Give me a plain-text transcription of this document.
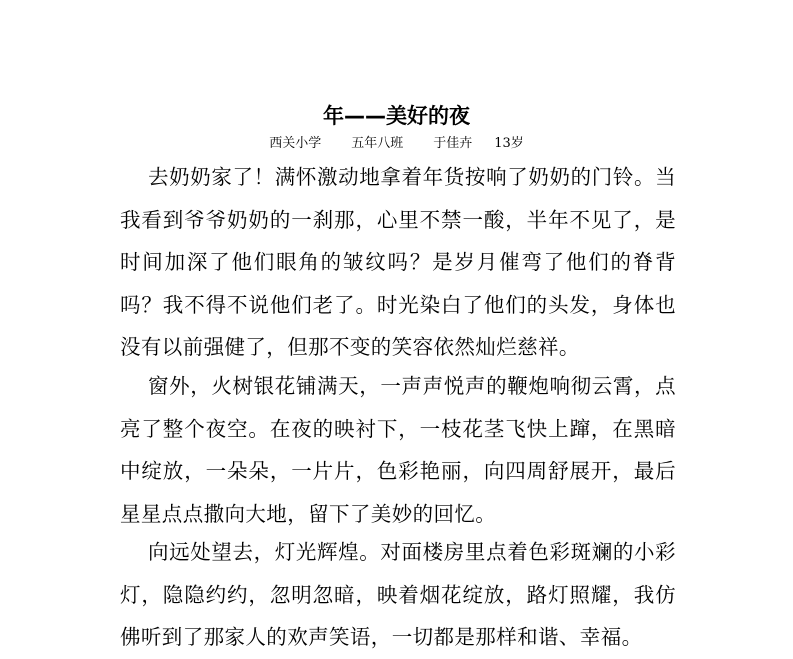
年——美好的夜
西关小学 五年八班 于佳卉 13岁

去奶奶家了！满怀激动地拿着年货按响了奶奶的门铃。当我看到爷爷奶奶的一刹那，心里不禁一酸，半年不见了，是时间加深了他们眼角的皱纹吗？是岁月催弯了他们的脊背吗？我不得不说他们老了。时光染白了他们的头发，身体也没有以前强健了，但那不变的笑容依然灿烂慈祥。

窗外，火树银花铺满天，一声声悦声的鞭炮响彻云霄，点亮了整个夜空。在夜的映衬下，一枝花茎飞快上蹿，在黑暗中绽放，一朵朵，一片片，色彩艳丽，向四周舒展开，最后星星点点撒向大地，留下了美妙的回忆。

向远处望去，灯光辉煌。对面楼房里点着色彩斑斓的小彩灯，隐隐约约，忽明忽暗，映着烟花绽放，路灯照耀，我仿佛听到了那家人的欢声笑语，一切都是那样和谐、幸福。
